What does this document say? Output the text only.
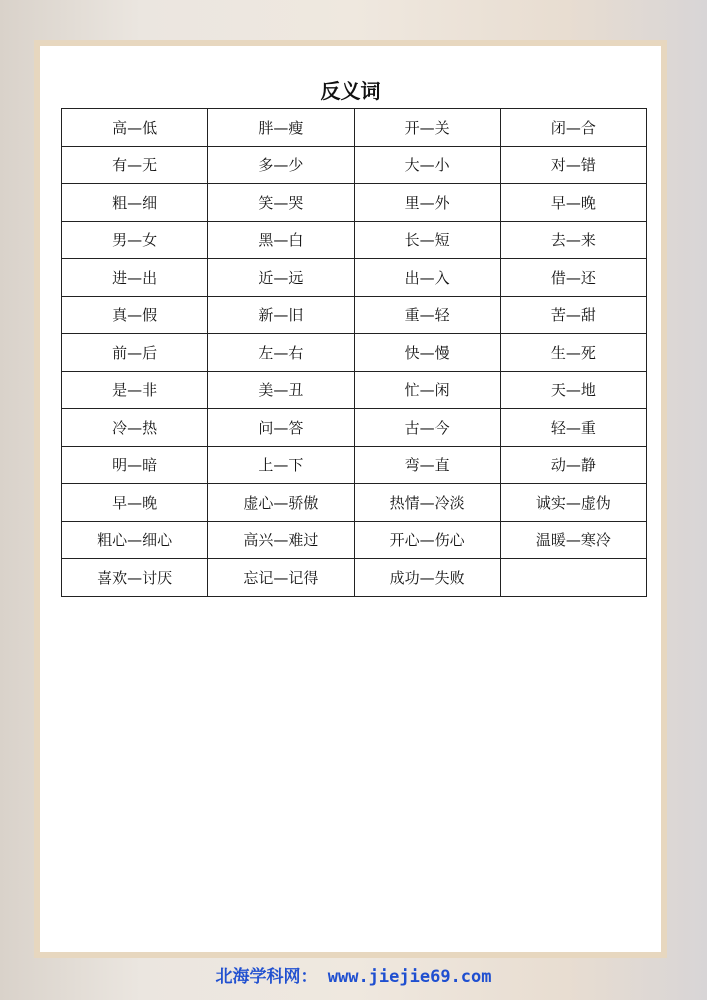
反义词
高—低	胖—瘦	开—关	闭—合
有—无	多—少	大—小	对—错
粗—细	笑—哭	里—外	早—晚
男—女	黑—白	长—短	去—来
进—出	近—远	出—入	借—还
真—假	新—旧	重—轻	苦—甜
前—后	左—右	快—慢	生—死
是—非	美—丑	忙—闲	天—地
冷—热	问—答	古—今	轻—重
明—暗	上—下	弯—直	动—静
早—晚	虚心—骄傲	热情—冷淡	诚实—虚伪
粗心—细心	高兴—难过	开心—伤心	温暖—寒冷
喜欢—讨厌	忘记—记得	成功—失败	
北海学科网： www.jiejie69.com
